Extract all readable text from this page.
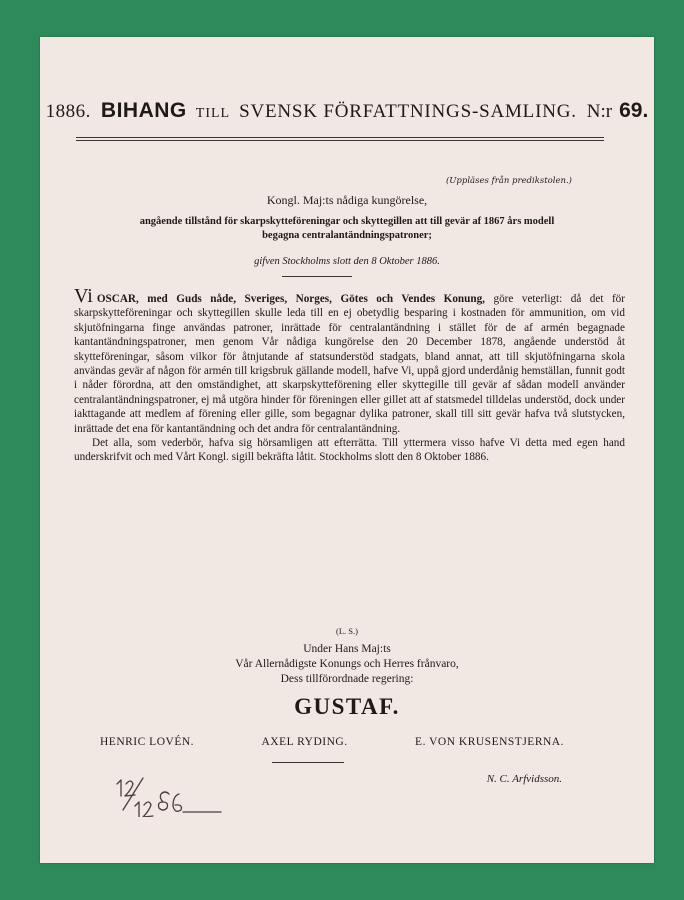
1886. BIHANG TILL SVENSK FÖRFATTNINGS-SAMLING. N:r 69.
(Uppläses från predikstolen.)
Kongl. Maj:ts nådiga kungörelse,
angående tillstånd för skarpskytteföreningar och skyttegillen att till gevär af 1867 års modell
begagna centralantändningspatroner;
gifven Stockholms slott den 8 Oktober 1886.

Vi OSCAR, med Guds nåde, Sveriges, Norges, Götes och Vendes Konung, göre veterligt: då det för skarpskytteföreningar och skyttegillen skulle leda till en ej obetydlig besparing i kostnaden för ammunition, om vid skjutöfningarna finge användas patroner, inrättade för centralantändning i stället för de af armén begagnade kantantändningspatroner, men genom Vår nådiga kungörelse den 20 December 1878, angående understöd åt skytteföreningar, såsom vilkor för åtnjutande af statsunderstöd stadgats, bland annat, att till skjutöfningarna skola användas gevär af någon för armén till krigsbruk gällande modell, hafve Vi, uppå gjord underdånig hemställan, funnit godt i nåder förordna, att den omständighet, att skarpskytteförening eller skyttegille till gevär af sådan modell använder centralantändningspatroner, ej må utgöra hinder för föreningen eller gillet att af statsmedel tilldelas understöd, dock under iakttagande att medlem af förening eller gille, som begagnar dylika patroner, skall till sitt gevär hafva två slutstycken, inrättade det ena för kantantändning och det andra för centralantändning.

Det alla, som vederbör, hafva sig hörsamligen att efterrätta. Till yttermera visso hafve Vi detta med egen hand underskrifvit och med Vårt Kongl. sigill bekräfta låtit. Stockholms slott den 8 Oktober 1886.

(L. S.)
Under Hans Maj:ts
Vår Allernådigste Konungs och Herres frånvaro,
Dess tillförordnade regering:
GUSTAF.
HENRIC LOVÉN.	AXEL RYDING.	E. VON KRUSENSTJERNA.
N. C. Arfvidsson.
